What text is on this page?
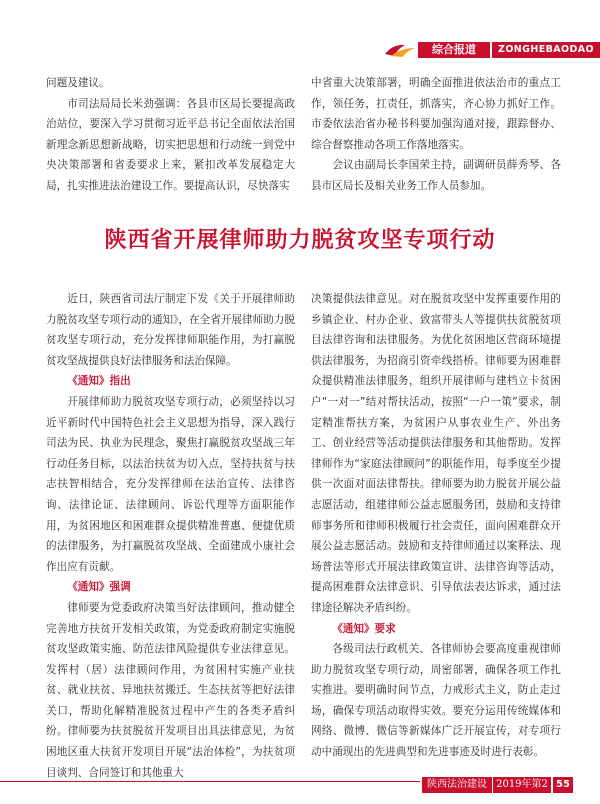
综合报道	ZONGHEBAODAO

问题及建议。

市司法局局长米劲强调：各县市区局长要提高政治站位，要深入学习贯彻习近平总书记全面依法治国新理念新思想新战略，切实把思想和行动统一到党中央决策部署和省委要求上来，紧扣改革发展稳定大局，扎实推进法治建设工作。要提高认识，尽快落实

中省重大决策部署，明确全面推进依法治市的重点工作，领任务，扛责任，抓落实，齐心协力抓好工作。市委依法治省办秘书科要加强沟通对接，跟踪督办、综合督察推动各项工作落地落实。

会议由副局长李国荣主持，副调研员薛秀琴、各县市区局长及相关业务工作人员参加。

陕西省开展律师助力脱贫攻坚专项行动

近日，陕西省司法厅制定下发《关于开展律师助力脱贫攻坚专项行动的通知》，在全省开展律师助力脱贫攻坚专项行动，充分发挥律师职能作用，为打赢脱贫攻坚战提供良好法律服务和法治保障。

《通知》指出

开展律师助力脱贫攻坚专项行动，必须坚持以习近平新时代中国特色社会主义思想为指导，深入践行司法为民、执业为民理念，聚焦打赢脱贫攻坚战三年行动任务目标，以法治扶贫为切入点，坚持扶贫与扶志扶智相结合，充分发挥律师在法治宣传、法律咨询、法律论证、法律顾问、诉讼代理等方面职能作用，为贫困地区和困难群众提供精准普惠、便捷优质的法律服务，为打赢脱贫攻坚战、全面建成小康社会作出应有贡献。

《通知》强调

律师要为党委政府决策当好法律顾问，推动健全完善地方扶贫开发相关政策，为党委政府制定实施脱贫攻坚政策实施、防范法律风险提供专业法律意见。发挥村（居）法律顾问作用，为贫困村实施产业扶贫、就业扶贫、异地扶贫搬迁、生态扶贫等把好法律关口，帮助化解精准脱贫过程中产生的各类矛盾纠纷。律师要为扶贫脱贫开发项目出具法律意见，为贫困地区重大扶贫开发项目开展“法治体检”，为扶贫项目谈判、合同签订和其他重大

决策提供法律意见。对在脱贫攻坚中发挥重要作用的乡镇企业、村办企业、致富带头人等提供扶贫脱贫项目法律咨询和法律服务。为优化贫困地区营商环境提供法律服务，为招商引资牵线搭桥。律师要为困难群众提供精准法律服务，组织开展律师与建档立卡贫困户“一对一”结对帮扶活动，按照“一户一策”要求，制定精准帮扶方案，为贫困户从事农业生产、外出务工、创业经营等活动提供法律服务和其他帮助。发挥律师作为“家庭法律顾问”的职能作用，每季度至少提供一次面对面法律帮扶。律师要为助力脱贫开展公益志愿活动，组建律师公益志愿服务团，鼓励和支持律师事务所和律师积极履行社会责任，面向困难群众开展公益志愿活动。鼓励和支持律师通过以案释法、现场普法等形式开展法律政策宣讲、法律咨询等活动，提高困难群众法律意识、引导依法表达诉求，通过法律途径解决矛盾纠纷。

《通知》要求

各级司法行政机关、各律师协会要高度重视律师助力脱贫攻坚专项行动，周密部署，确保各项工作扎实推进。要明确时间节点，力戒形式主义，防止走过场，确保专项活动取得实效。要充分运用传统媒体和网络、微博、微信等新媒体广泛开展宣传，对专项行动中涌现出的先进典型和先进事迹及时进行表彰。

陕西法治建设 2019年第2期
55
